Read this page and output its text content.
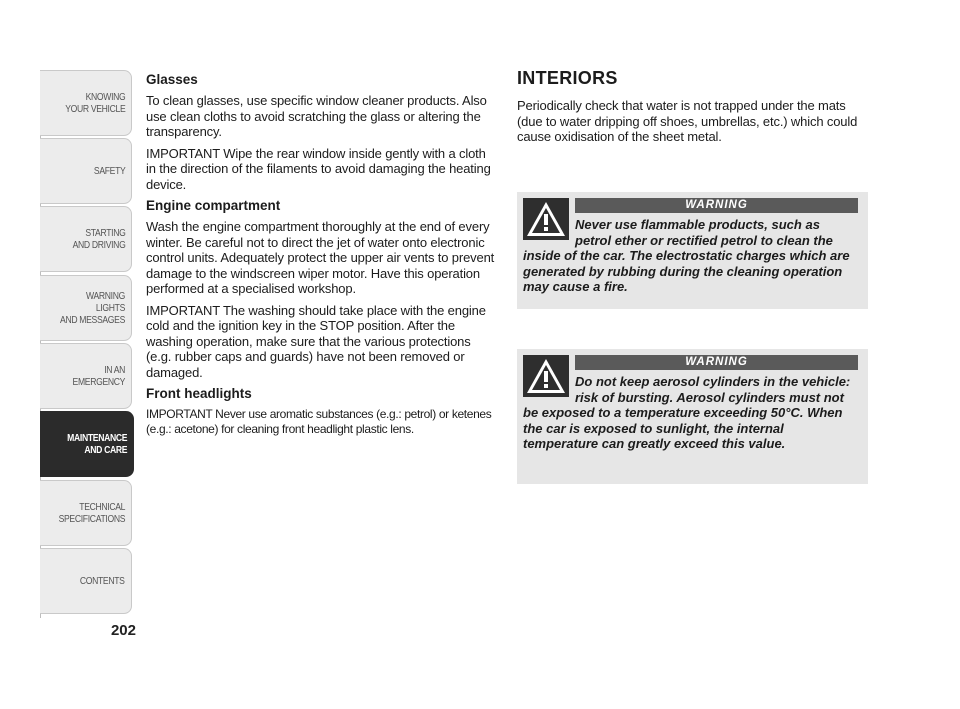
KNOWING
YOUR VEHICLE
SAFETY
STARTING
AND DRIVING
WARNING LIGHTS
AND MESSAGES
IN AN
EMERGENCY
MAINTENANCE
AND CARE
TECHNICAL
SPECIFICATIONS
CONTENTS
202
Glasses

To clean glasses, use specific window cleaner products. Also use clean cloths to avoid scratching the glass or altering the transparency.

IMPORTANT Wipe the rear window inside gently with a cloth in the direction of the filaments to avoid damaging the heating device.

Engine compartment

Wash the engine compartment thoroughly at the end of every winter. Be careful not to direct the jet of water onto electronic control units. Adequately protect the upper air vents to prevent damage to the windscreen wiper motor. Have this operation performed at a specialised workshop.

IMPORTANT The washing should take place with the engine cold and the ignition key in the STOP position. After the washing operation, make sure that the various protections (e.g. rubber caps and guards) have not been removed or damaged.

Front headlights

IMPORTANT Never use aromatic substances (e.g.: petrol) or ketenes (e.g.: acetone) for cleaning front headlight plastic lens.

INTERIORS

Periodically check that water is not trapped under the mats (due to water dripping off shoes, umbrellas, etc.) which could cause oxidisation of the sheet metal.

WARNING
Never use flammable products, such as petrol ether or rectified petrol to clean the inside of the car. The electrostatic charges which are generated by rubbing during the cleaning operation may cause a fire.
WARNING
Do not keep aerosol cylinders in the vehicle: risk of bursting. Aerosol cylinders must not be exposed to a temperature exceeding 50°C. When the car is exposed to sunlight, the internal temperature can greatly exceed this value.
